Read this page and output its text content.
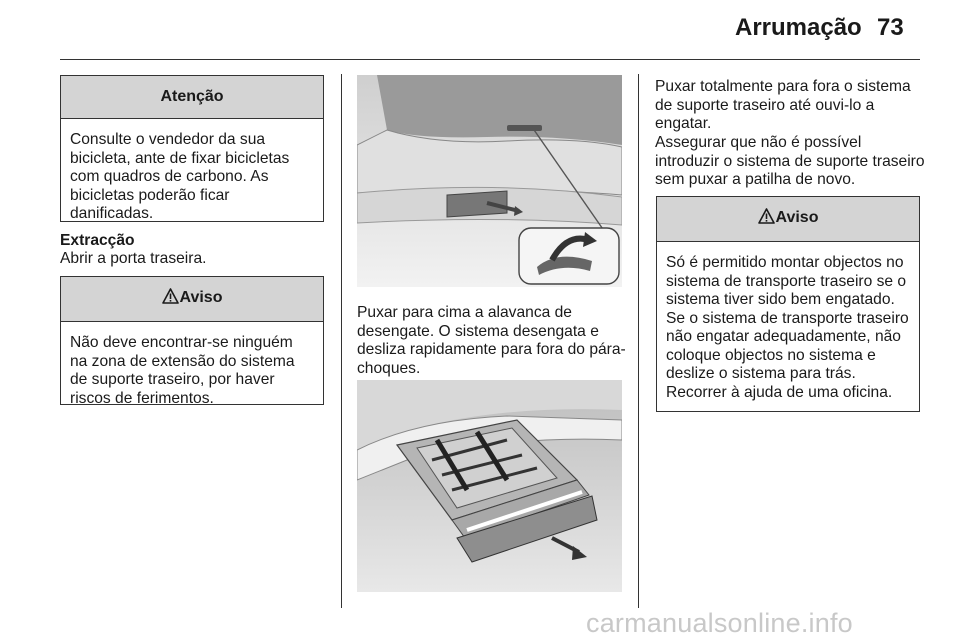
Arrumação 73
Atenção
Consulte o vendedor da sua bicicleta, ante de fixar bicicletas com quadros de carbono. As bicicletas poderão ficar danificadas.
Extracção
Abrir a porta traseira.
Aviso
Não deve encontrar-se ninguém na zona de extensão do sistema de suporte traseiro, por haver riscos de ferimentos.
Puxar para cima a alavanca de desengate. O sistema desengata e desliza rapidamente para fora do pára-choques.
Puxar totalmente para fora o sistema de suporte traseiro até ouvi-lo a engatar.
Assegurar que não é possível introduzir o sistema de suporte traseiro sem puxar a patilha de novo.
Aviso
Só é permitido montar objectos no sistema de transporte traseiro se o sistema tiver sido bem engatado. Se o sistema de transporte traseiro não engatar adequadamente, não coloque objectos no sistema e deslize o sistema para trás. Recorrer à ajuda de uma oficina.
carmanualsonline.info
